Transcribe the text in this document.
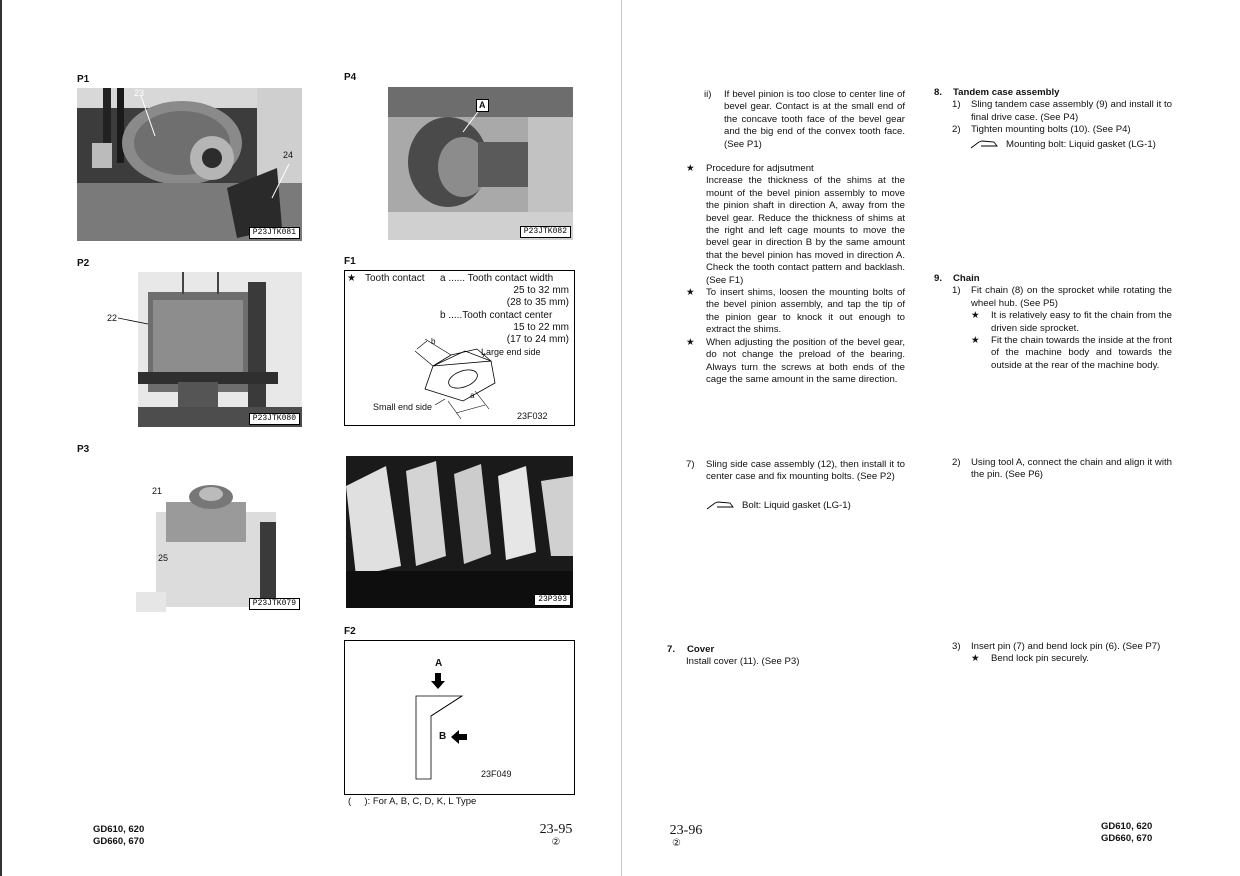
P1
23
P23JTK081
24
P2
P23JTK080
22
P3
P23JTK079
21
25
P4
A
P23JTK082
F1
★ Tooth contact a ...... Tooth contact width
25 to 32 mm
(28 to 35 mm)
b .....Tooth contact center
15 to 22 mm
(17 to 24 mm)
b
a
Large end side
Small end side
23F032
23P393
F2
A
B
23F049
( ): For A, B, C, D, K, L Type
GD610, 620
GD660, 670
23-95
②
ii)	If bevel pinion is too close to center line of bevel gear. Contact is at the small end of the concave tooth face of the bevel gear and the big end of the convex tooth face. (See P1)
★	Procedure for adjsutment

Increase the thickness of the shims at the mount of the bevel pinion assembly to move the pinion shaft in direction A, away from the bevel gear. Reduce the thickness of shims at the right and left cage mounts to move the bevel gear in direction B by the same amount that the bevel pinion has moved in direction A. Check the tooth contact pattern and backlash. (See F1)

★	To insert shims, loosen the mounting bolts of the bevel pinion assembly, and tap the tip of the pinion gear to knock it out enough to extract the shims.
★	When adjusting the position of the bevel gear, do not change the preload of the bearing. Always turn the screws at both ends of the cage the same amount in the same direction.
7)	Sling side case assembly (12), then install it to center case and fix mounting bolts. (See P2)
Bolt: Liquid gasket (LG-1)
7.	Cover
Install cover (11). (See P3)
8.	Tandem case assembly
1)	Sling tandem case assembly (9) and install it to final drive case. (See P4)
2)	Tighten mounting bolts (10). (See P4)
Mounting bolt: Liquid gasket (LG-1)
9.	Chain
1)	Fit chain (8) on the sprocket while rotating the wheel hub. (See P5)
★	It is relatively easy to fit the chain from the driven side sprocket.
★	Fit the chain towards the inside at the front of the machine body and towards the outside at the rear of the machine body.
2)	Using tool A, connect the chain and align it with the pin. (See P6)
3)	Insert pin (7) and bend lock pin (6). (See P7)
★	Bend lock pin securely.
23-96
②
GD610, 620
GD660, 670
